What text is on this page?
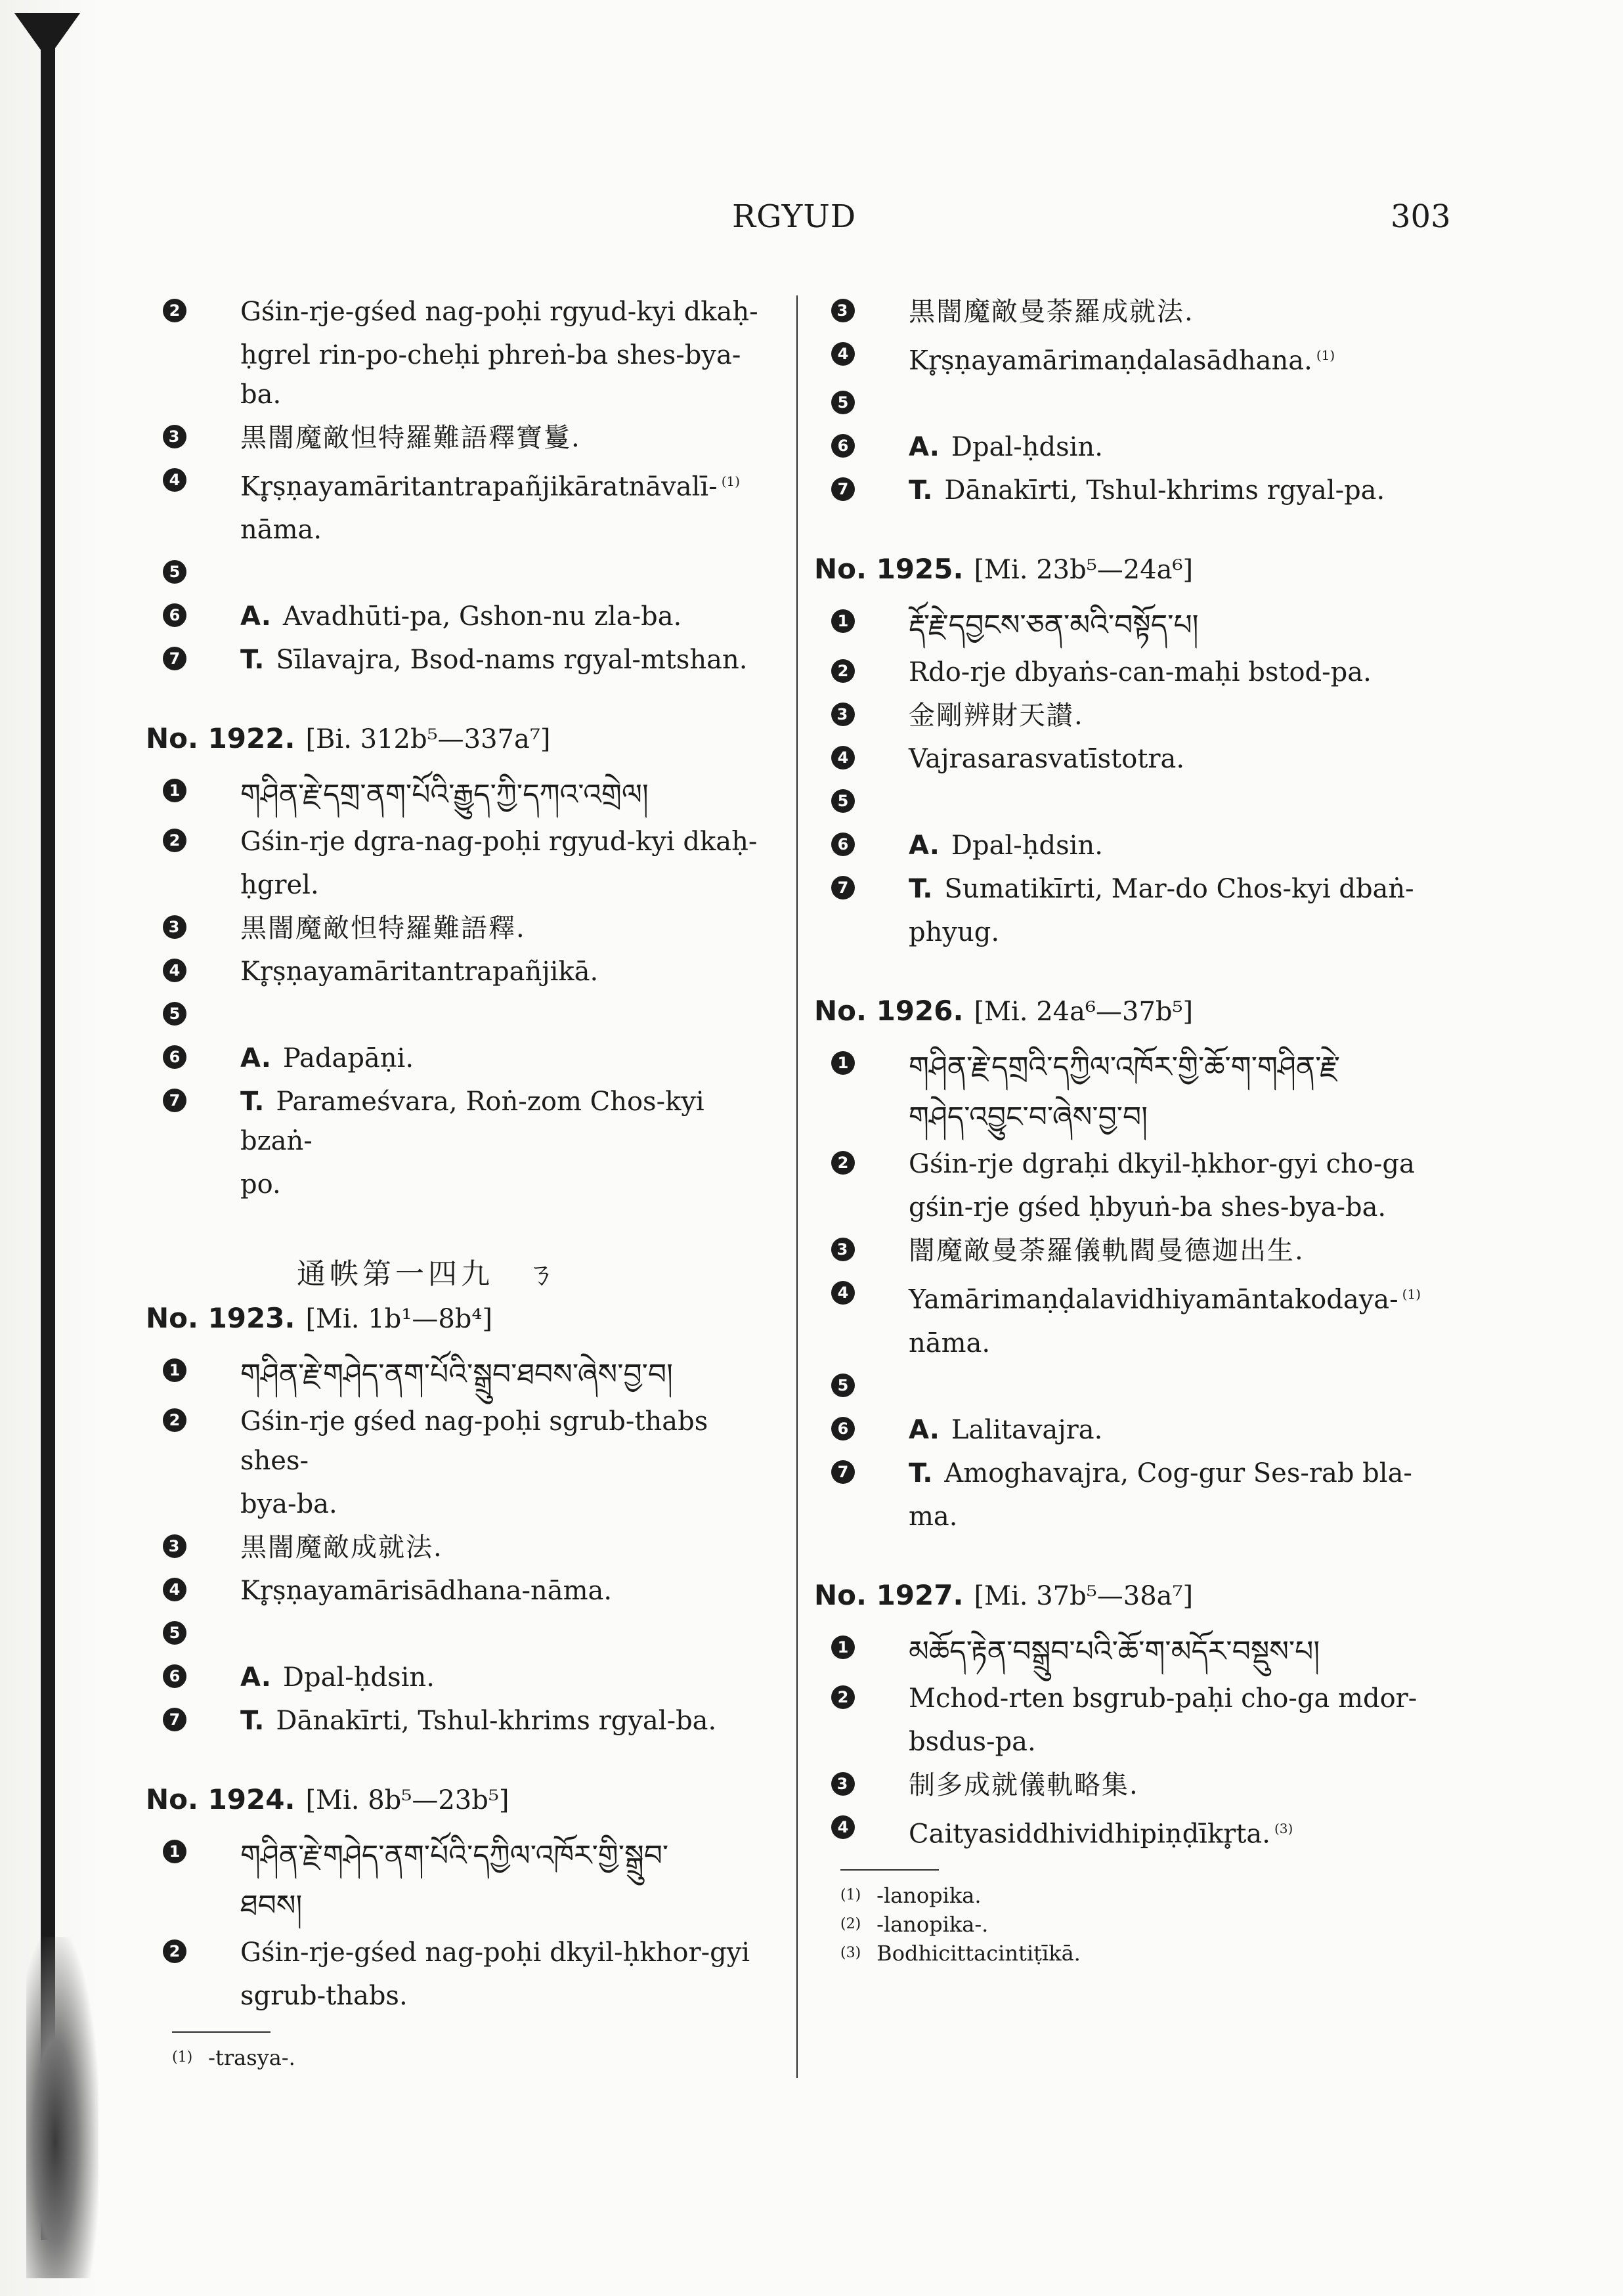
RGYUD	303
2 Gśin-rje-gśed nag-poḥi rgyud-kyi dkaḥ-
ḥgrel rin-po-cheḥi phreṅ-ba shes-bya-ba.
3 黒闇魔敵怛特羅難語釋寶鬘.
4 Kr̥ṣṇayamāritantrapañjikāratnāvalī- $^{(1)}$
nāma.
5
6 A. Avadhūti-pa, Gshon-nu zla-ba.
7 T. Sīlavajra, Bsod-nams rgyal-mtshan.
No. 1922. [Bi. 312b⁵—337a⁷]
1 གཤིན་རྗེ་དགྲ་ནག་པོའི་རྒྱུད་ཀྱི་དཀའ་འགྲེལ།
2 Gśin-rje dgra-nag-poḥi rgyud-kyi dkaḥ-
ḥgrel.
3 黒闇魔敵怛特羅難語釋.
4 Kr̥ṣṇayamāritantrapañjikā.
5
6 A. Padapāṇi.
7 T. Parameśvara, Roṅ-zom Chos-kyi bzaṅ-
po.
通帙第一四九　ㄋ
No. 1923. [Mi. 1b¹—8b⁴]
1 གཤིན་རྗེ་གཤེད་ནག་པོའི་སྒྲུབ་ཐབས་ཞེས་བྱ་བ།
2 Gśin-rje gśed nag-poḥi sgrub-thabs shes-
bya-ba.
3 黒闇魔敵成就法.
4 Kr̥ṣṇayamārisādhana-nāma.
5
6 A. Dpal-ḥdsin.
7 T. Dānakīrti, Tshul-khrims rgyal-ba.
No. 1924. [Mi. 8b⁵—23b⁵]
1 གཤིན་རྗེ་གཤེད་ནག་པོའི་དཀྱིལ་འཁོར་གྱི་སྒྲུབ་
ཐབས།
2 Gśin-rje-gśed nag-poḥi dkyil-ḥkhor-gyi
sgrub-thabs.
$^{(1)}$ -trasya-.
3 黒闇魔敵曼荼羅成就法.
4 Kr̥ṣṇayamārimaṇḍalasādhana. $^{(1)}$
5
6 A. Dpal-ḥdsin.
7 T. Dānakīrti, Tshul-khrims rgyal-pa.
No. 1925. [Mi. 23b⁵—24a⁶]
1 རྡོ་རྗེ་དབྱངས་ཅན་མའི་བསྟོད་པ།
2 Rdo-rje dbyaṅs-can-maḥi bstod-pa.
3 金剛辨財天讃.
4 Vajrasarasvatīstotra.
5
6 A. Dpal-ḥdsin.
7 T. Sumatikīrti, Mar-do Chos-kyi dbaṅ-
phyug.
No. 1926. [Mi. 24a⁶—37b⁵]
1 གཤིན་རྗེ་དགྲའི་དཀྱིལ་འཁོར་གྱི་ཆོ་ག་གཤིན་རྗེ་
གཤེད་འབྱུང་བ་ཞེས་བྱ་བ།
2 Gśin-rje dgraḥi dkyil-ḥkhor-gyi cho-ga
gśin-rje gśed ḥbyuṅ-ba shes-bya-ba.
3 闇魔敵曼荼羅儀軌閻曼德迦出生.
4 Yamārimaṇḍalavidhiyamāntakodaya- $^{(1)}$
nāma.
5
6 A. Lalitavajra.
7 T. Amoghavajra, Cog-gur Ses-rab bla-
ma.
No. 1927. [Mi. 37b⁵—38a⁷]
1 མཆོད་རྟེན་བསྒྲུབ་པའི་ཆོ་ག་མདོར་བསྡུས་པ།
2 Mchod-rten bsgrub-paḥi cho-ga mdor-
bsdus-pa.
3 制多成就儀軌略集.
4 Caityasiddhividhipiṇḍīkr̥ta. $^{(3)}$
$^{(1)}$ -lanopika.
$^{(2)}$ -lanopika-.
$^{(3)}$ Bodhicittacintiṭīkā.
